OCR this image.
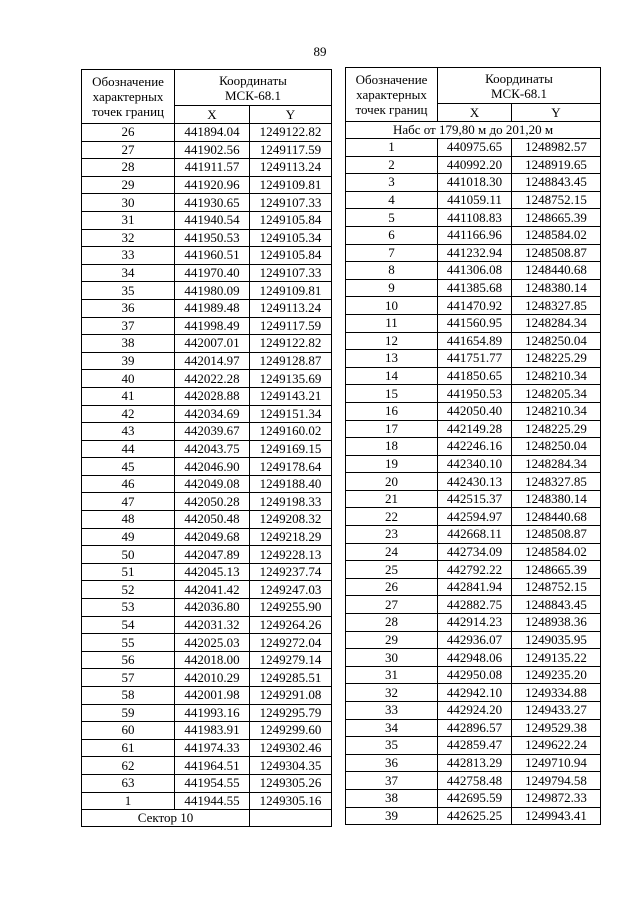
89
Обозначение характерных точек границ	Координаты
МСК-68.1	

	X	Y
26	441894.04	1249122.82
27	441902.56	1249117.59
28	441911.57	1249113.24
29	441920.96	1249109.81
30	441930.65	1249107.33
31	441940.54	1249105.84
32	441950.53	1249105.34
33	441960.51	1249105.84
34	441970.40	1249107.33
35	441980.09	1249109.81
36	441989.48	1249113.24
37	441998.49	1249117.59
38	442007.01	1249122.82
39	442014.97	1249128.87
40	442022.28	1249135.69
41	442028.88	1249143.21
42	442034.69	1249151.34
43	442039.67	1249160.02
44	442043.75	1249169.15
45	442046.90	1249178.64
46	442049.08	1249188.40
47	442050.28	1249198.33
48	442050.48	1249208.32
49	442049.68	1249218.29
50	442047.89	1249228.13
51	442045.13	1249237.74
52	442041.42	1249247.03
53	442036.80	1249255.90
54	442031.32	1249264.26
55	442025.03	1249272.04
56	442018.00	1249279.14
57	442010.29	1249285.51
58	442001.98	1249291.08
59	441993.16	1249295.79
60	441983.91	1249299.60
61	441974.33	1249302.46
62	441964.51	1249304.35
63	441954.55	1249305.26
1	441944.55	1249305.16
Сектор 10		
Обозначение характерных точек границ	Координаты
МСК-68.1	

	X	Y
Набс от 179,80 м до 201,20 м		
1	440975.65	1248982.57
2	440992.20	1248919.65
3	441018.30	1248843.45
4	441059.11	1248752.15
5	441108.83	1248665.39
6	441166.96	1248584.02
7	441232.94	1248508.87
8	441306.08	1248440.68
9	441385.68	1248380.14
10	441470.92	1248327.85
11	441560.95	1248284.34
12	441654.89	1248250.04
13	441751.77	1248225.29
14	441850.65	1248210.34
15	441950.53	1248205.34
16	442050.40	1248210.34
17	442149.28	1248225.29
18	442246.16	1248250.04
19	442340.10	1248284.34
20	442430.13	1248327.85
21	442515.37	1248380.14
22	442594.97	1248440.68
23	442668.11	1248508.87
24	442734.09	1248584.02
25	442792.22	1248665.39
26	442841.94	1248752.15
27	442882.75	1248843.45
28	442914.23	1248938.36
29	442936.07	1249035.95
30	442948.06	1249135.22
31	442950.08	1249235.20
32	442942.10	1249334.88
33	442924.20	1249433.27
34	442896.57	1249529.38
35	442859.47	1249622.24
36	442813.29	1249710.94
37	442758.48	1249794.58
38	442695.59	1249872.33
39	442625.25	1249943.41
